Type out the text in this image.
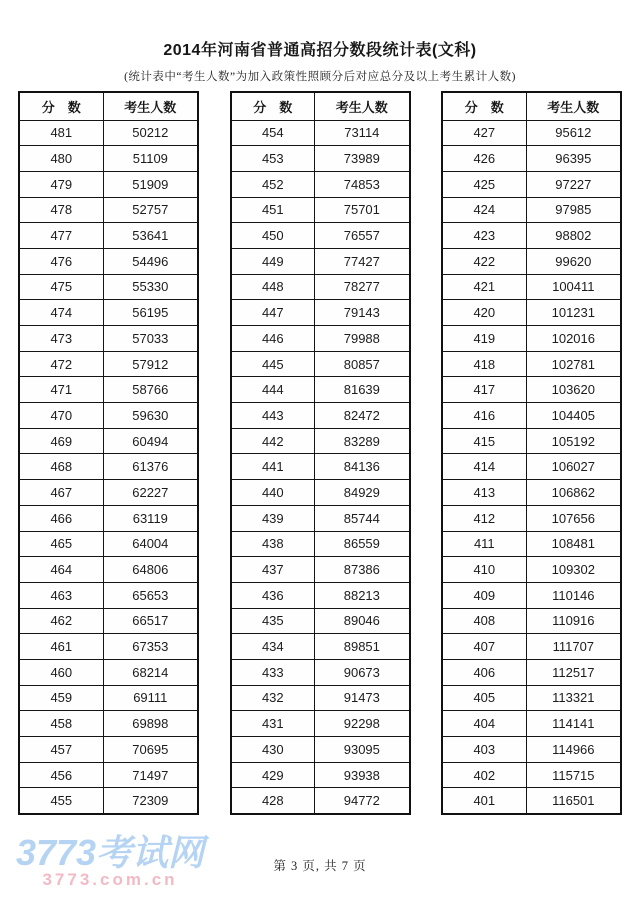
2014年河南省普通高招分数段统计表(文科)
(统计表中“考生人数”为加入政策性照顾分后对应总分及以上考生累计人数)
分　数	考生人数
481	50212
480	51109
479	51909
478	52757
477	53641
476	54496
475	55330
474	56195
473	57033
472	57912
471	58766
470	59630
469	60494
468	61376
467	62227
466	63119
465	64004
464	64806
463	65653
462	66517
461	67353
460	68214
459	69111
458	69898
457	70695
456	71497
455	72309
分　数	考生人数
454	73114
453	73989
452	74853
451	75701
450	76557
449	77427
448	78277
447	79143
446	79988
445	80857
444	81639
443	82472
442	83289
441	84136
440	84929
439	85744
438	86559
437	87386
436	88213
435	89046
434	89851
433	90673
432	91473
431	92298
430	93095
429	93938
428	94772
分　数	考生人数
427	95612
426	96395
425	97227
424	97985
423	98802
422	99620
421	100411
420	101231
419	102016
418	102781
417	103620
416	104405
415	105192
414	106027
413	106862
412	107656
411	108481
410	109302
409	110146
408	110916
407	111707
406	112517
405	113321
404	114141
403	114966
402	115715
401	116501
3773考试网
3773.com.cn
第 3 页, 共 7 页
